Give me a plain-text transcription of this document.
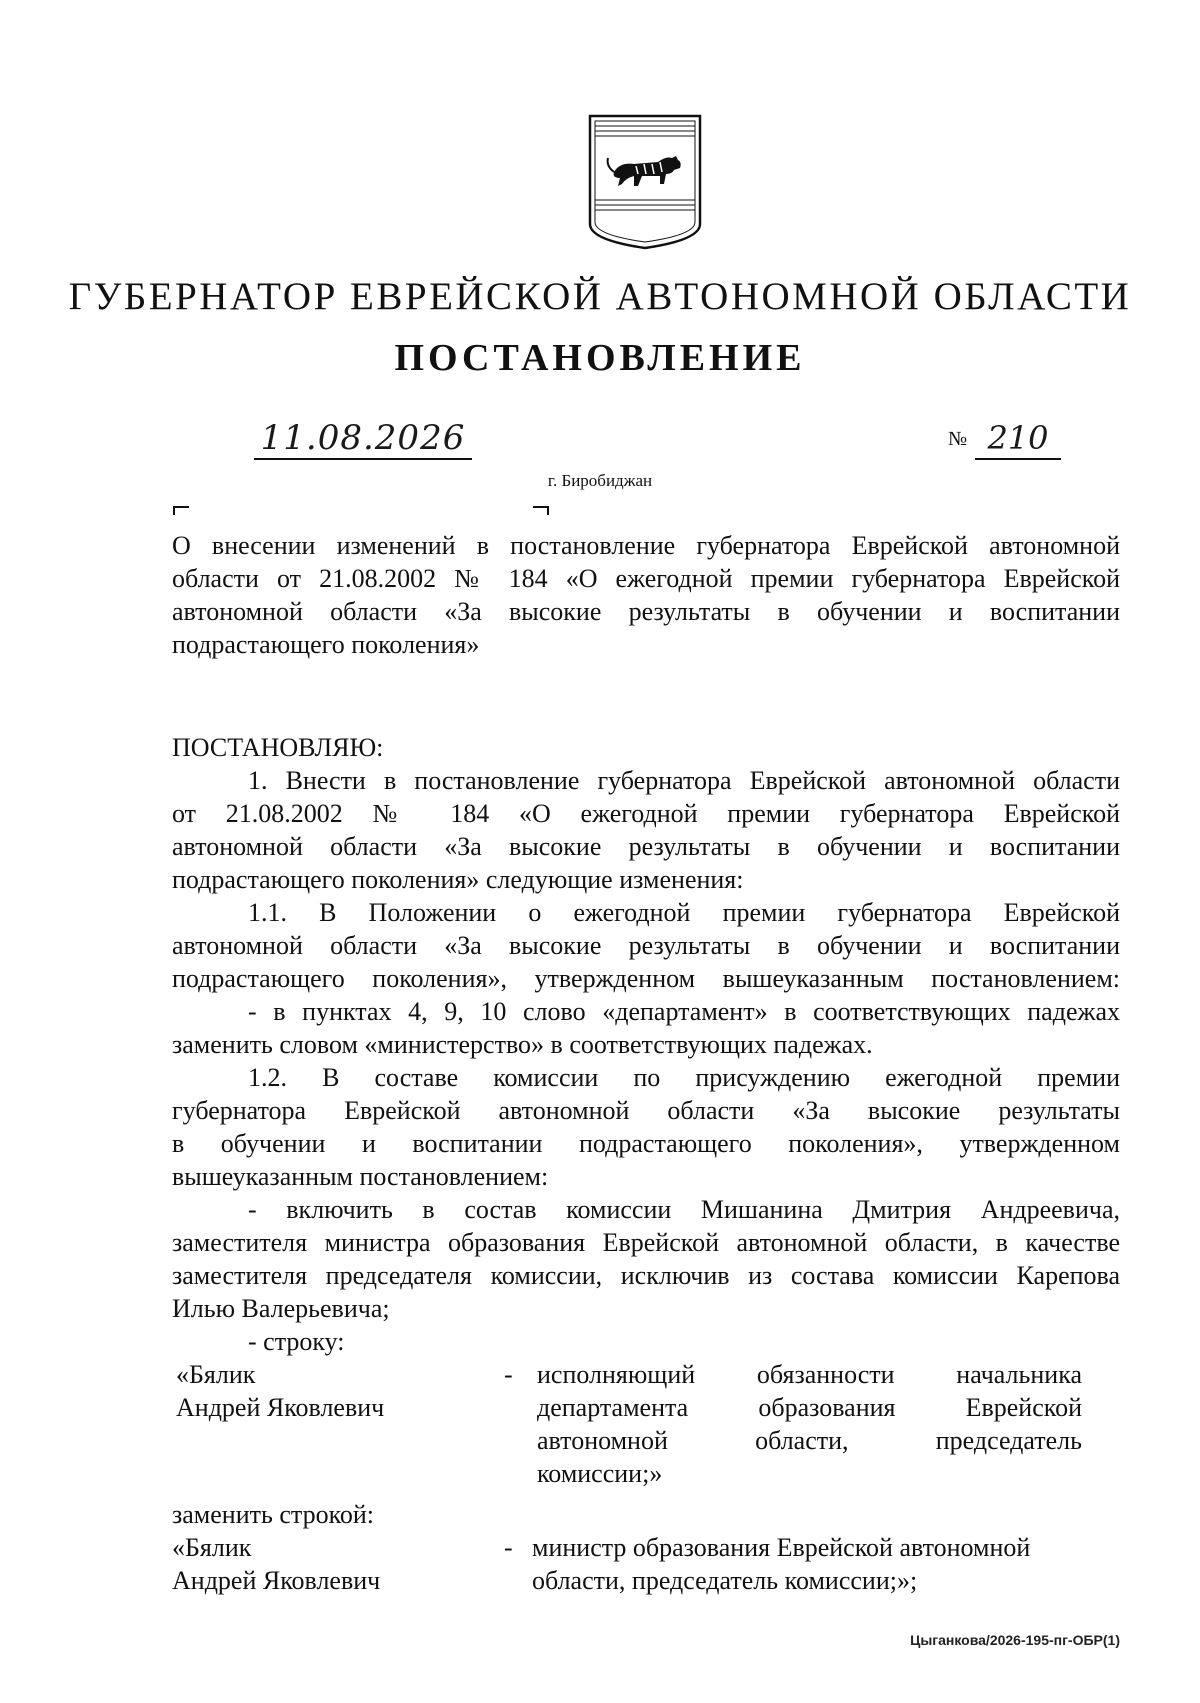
ГУБЕРНАТОР ЕВРЕЙСКОЙ АВТОНОМНОЙ ОБЛАСТИ
ПОСТАНОВЛЕНИЕ
11.08.2026	№ 210
г. Биробиджан
О внесении изменений в постановление губернатора Еврейской автономной
области от 21.08.2002 № 184 «О ежегодной премии губернатора Еврейской
автономной области «За высокие результаты в обучении и воспитании
подрастающего поколения»
ПОСТАНОВЛЯЮ:
1. Внести в постановление губернатора Еврейской автономной области
от 21.08.2002 № 184 «О ежегодной премии губернатора Еврейской
автономной области «За высокие результаты в обучении и воспитании
подрастающего поколения» следующие изменения:
1.1. В Положении о ежегодной премии губернатора Еврейской
автономной области «За высокие результаты в обучении и воспитании
подрастающего поколения», утвержденном вышеуказанным постановлением:
- в пунктах 4, 9, 10 слово «департамент» в соответствующих падежах
заменить словом «министерство» в соответствующих падежах.
1.2. В составе комиссии по присуждению ежегодной премии
губернатора Еврейской автономной области «За высокие результаты
в обучении и воспитании подрастающего поколения», утвержденном
вышеуказанным постановлением:
- включить в состав комиссии Мишанина Дмитрия Андреевича,
заместителя министра образования Еврейской автономной области, в качестве
заместителя председателя комиссии, исключив из состава комиссии Карепова
Илью Валерьевича;
- строку:
«Бялик
Андрей Яковлевич
- исполняющий обязанности начальника
департамента образования Еврейской
автономной области, председатель
комиссии;»
заменить строкой:
«Бялик
Андрей Яковлевич
- министр образования Еврейской автономной
области, председатель комиссии;»;
Цыганкова/2026-195-пг-ОБР(1)
